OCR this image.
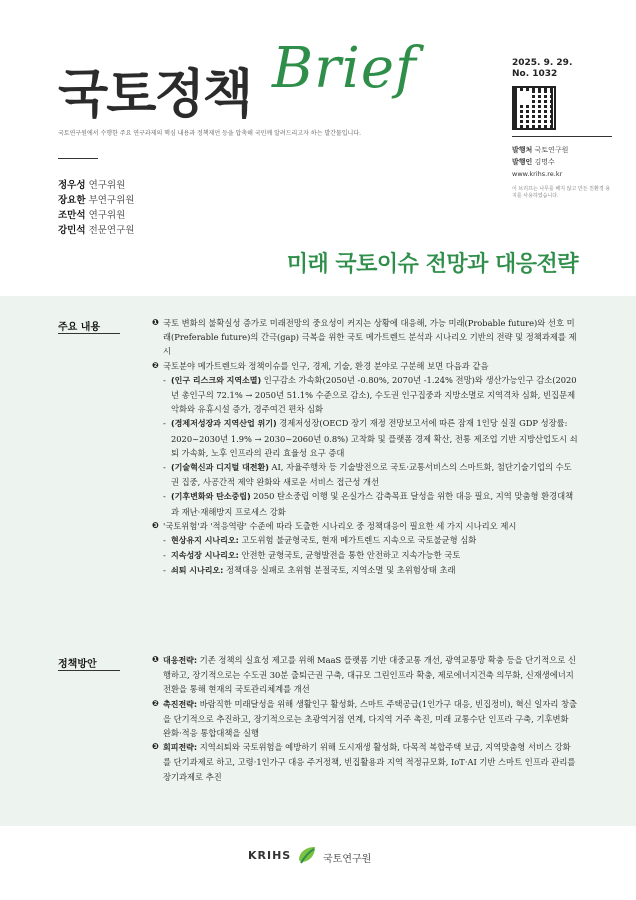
국토정책 Brief
국토연구원에서 수행한 주요 연구과제의 핵심 내용과 정책제언 등을 압축해 국민께 알려드리고자 하는 발간물입니다.
2025. 9. 29.
No. 1032
발행처 국토연구원
발행인 김명수
www.krihs.re.kr
이 브리프는 나무를 베지 않고 만든 친환경 용지를 사용하였습니다.
정우성 연구위원
장요한 부연구위원
조만석 연구위원
강민석 전문연구원
미래 국토이슈 전망과 대응전략
주요 내용	❶ 국토 변화의 불확실성 증가로 미래전망의 중요성이 커지는 상황에 대응해, 가능 미래(Probable future)와 선호 미래(Preferable future)의 간극(gap) 극복을 위한 국토 메가트렌드 분석과 시나리오 기반의 전략 및 정책과제를 제시
❷ 국토분야 메가트렌드와 정책이슈를 인구, 경제, 기술, 환경 분야로 구분해 보면 다음과 같음
- (인구 리스크와 지역소멸) 인구감소 가속화(2050년 -0.80%, 2070년 -1.24% 전망)와 생산가능인구 감소(2020년 총인구의 72.1% → 2050년 51.1% 수준으로 감소), 수도권 인구집중과 지방소멸로 지역격차 심화, 빈집문제 악화와 유휴시설 증가, 경주여건 편차 심화
- (경제저성장과 지역산업 위기) 경제저성장(OECD 장기 재정 전망보고서에 따른 잠재 1인당 실질 GDP 성장률: 2020~2030년 1.9% → 2030~2060년 0.8%) 고착화 및 플랫폼 경제 확산, 전통 제조업 기반 지방산업도시 쇠퇴 가속화, 노후 인프라의 관리 효율성 요구 증대
- (기술혁신과 디지털 대전환) AI, 자율주행차 등 기술발전으로 국토·교통서비스의 스마트화, 첨단기술기업의 수도권 집중, 사공간적 제약 완화와 새로운 서비스 접근성 개선
- (기후변화와 탄소중립) 2050 탄소중립 이행 및 온실가스 감축목표 달성을 위한 대응 필요, 지역 맞춤형 환경대책과 재난·재해방지 프로세스 강화
❸ '국토위험'과 '적응역량' 수준에 따라 도출한 시나리오 중 정책대응이 필요한 세 가지 시나리오 제시
- 현상유지 시나리오: 고도위험 불균형국토, 현재 메가트렌드 지속으로 국토불균형 심화
- 지속성장 시나리오: 안전한 균형국토, 균형발전을 통한 안전하고 지속가능한 국토
- 쇠퇴 시나리오: 정책대응 실패로 초위험 분절국토, 지역소멸 및 초위험상태 초래
정책방안	❶ 대응전략: 기존 정책의 실효성 제고를 위해 MaaS 플랫폼 기반 대중교통 개선, 광역교통망 확충 등을 단기적으로 신행하고, 장기적으로는 수도권 30분 출퇴근권 구축, 대규모 그린인프라 확충, 제로에너지건축 의무화, 신재생에너지 전환을 통해 현재의 국토관리체계를 개선
❷ 촉진전략: 바람직한 미래달성을 위해 생활인구 활성화, 스마트 주택공급(1인가구 대응, 빈집정비), 혁신 일자리 창출을 단기적으로 추진하고, 장기적으로는 초광역거점 연계, 다지역 거주 촉진, 미래 교통수단 인프라 구축, 기후변화 완화·적응 통합대책을 실행
❸ 회피전략: 지역쇠퇴와 국토위험을 예방하기 위해 도시재생 활성화, 다목적 복합주택 보급, 지역맞춤형 서비스 강화를 단기과제로 하고, 고령·1인가구 대응 주거정책, 빈집활용과 지역 적정규모화, IoT·AI 기반 스마트 인프라 관리를 장기과제로 추진
KRIHS	국토연구원
